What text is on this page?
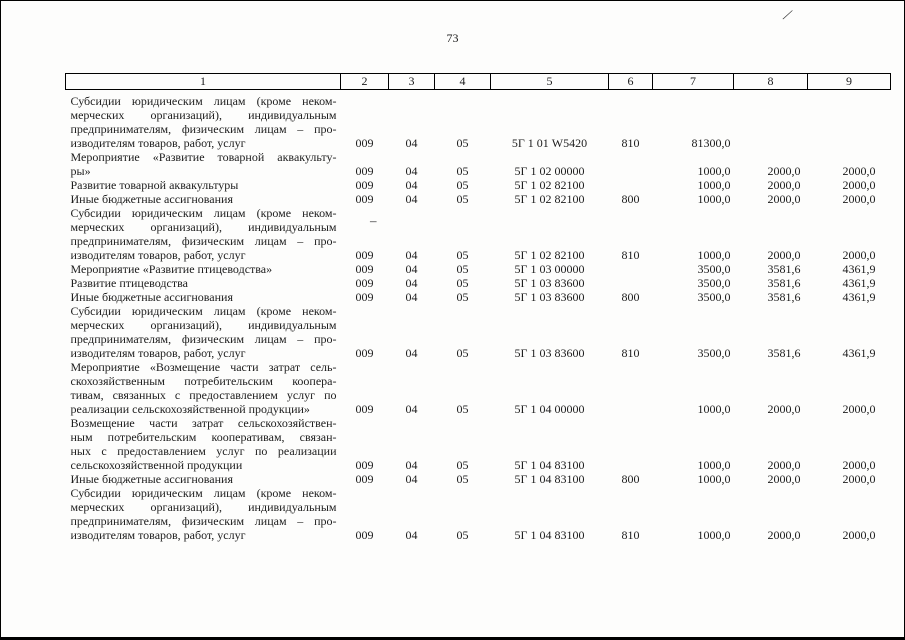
73
∕
–
1	2	3	4	5	6	7	8	9

Субсидии юридическим лицам (кроме неком-
мерческих организаций), индивидуальным
предпринимателям, физическим лицам – про-
изводителям товаров, работ, услуг	009	04	05	5Г 1 01 W5420	810	81300,0		

Мероприятие «Развитие товарной аквакульту-
ры»	009	04	05	5Г 1 02 00000		1000,0	2000,0	2000,0

Развитие товарной аквакультуры	009	04	05	5Г 1 02 82100		1000,0	2000,0	2000,0

Иные бюджетные ассигнования	009	04	05	5Г 1 02 82100	800	1000,0	2000,0	2000,0

Субсидии юридическим лицам (кроме неком-
мерческих организаций), индивидуальным
предпринимателям, физическим лицам – про-
изводителям товаров, работ, услуг	009	04	05	5Г 1 02 82100	810	1000,0	2000,0	2000,0

Мероприятие «Развитие птицеводства»	009	04	05	5Г 1 03 00000		3500,0	3581,6	4361,9

Развитие птицеводства	009	04	05	5Г 1 03 83600		3500,0	3581,6	4361,9

Иные бюджетные ассигнования	009	04	05	5Г 1 03 83600	800	3500,0	3581,6	4361,9

Субсидии юридическим лицам (кроме неком-
мерческих организаций), индивидуальным
предпринимателям, физическим лицам – про-
изводителям товаров, работ, услуг	009	04	05	5Г 1 03 83600	810	3500,0	3581,6	4361,9

Мероприятие «Возмещение части затрат сель-
скохозяйственным потребительским коопера-
тивам, связанных с предоставлением услуг по
реализации сельскохозяйственной продукции»	009	04	05	5Г 1 04 00000		1000,0	2000,0	2000,0

Возмещение части затрат сельскохозяйствен-
ным потребительским кооперативам, связан-
ных с предоставлением услуг по реализации
сельскохозяйственной продукции	009	04	05	5Г 1 04 83100		1000,0	2000,0	2000,0

Иные бюджетные ассигнования	009	04	05	5Г 1 04 83100	800	1000,0	2000,0	2000,0

Субсидии юридическим лицам (кроме неком-
мерческих организаций), индивидуальным
предпринимателям, физическим лицам – про-
изводителям товаров, работ, услуг	009	04	05	5Г 1 04 83100	810	1000,0	2000,0	2000,0
